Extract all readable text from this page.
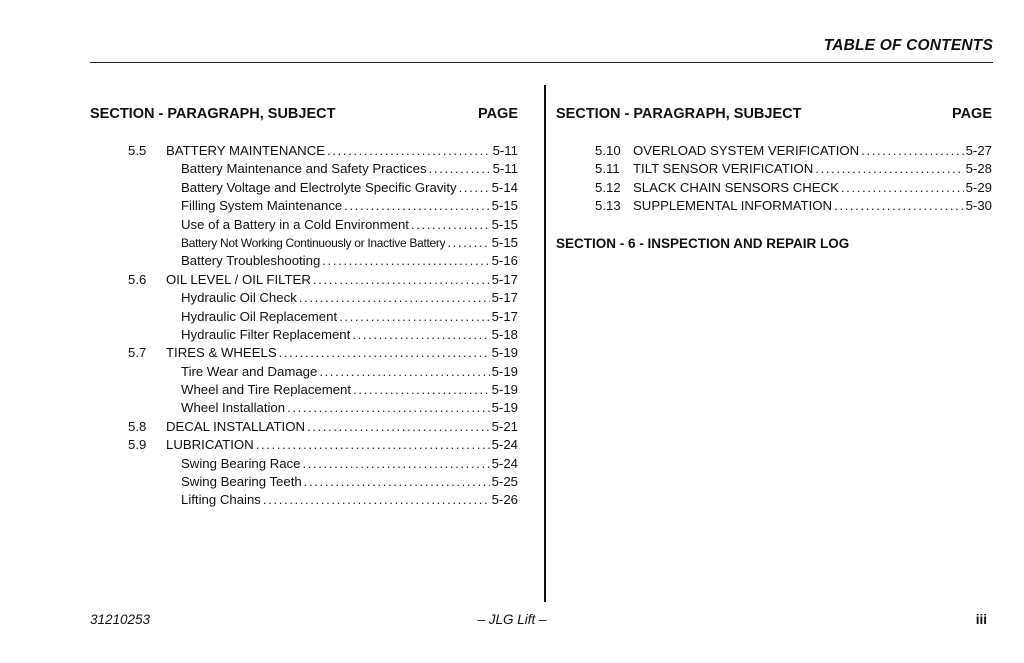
TABLE OF CONTENTS
SECTION - PARAGRAPH, SUBJECT	PAGE
5.5	BATTERY MAINTENANCE .....	5-11
Battery Maintenance and Safety Practices .....	5-11
Battery Voltage and Electrolyte Specific Gravity .....	5-14
Filling System Maintenance .....	5-15
Use of a Battery in a Cold Environment .....	5-15
Battery Not Working Continuously or Inactive Battery .....	5-15
Battery Troubleshooting .....	5-16
5.6	OIL LEVEL / OIL FILTER .....	5-17
Hydraulic Oil Check .....	5-17
Hydraulic Oil Replacement .....	5-17
Hydraulic Filter Replacement .....	5-18
5.7	TIRES & WHEELS .....	5-19
Tire Wear and Damage .....	5-19
Wheel and Tire Replacement .....	5-19
Wheel Installation .....	5-19
5.8	DECAL INSTALLATION .....	5-21
5.9	LUBRICATION .....	5-24
Swing Bearing Race .....	5-24
Swing Bearing Teeth .....	5-25
Lifting Chains .....	5-26
SECTION - PARAGRAPH, SUBJECT	PAGE
5.10 OVERLOAD SYSTEM VERIFICATION .....	5-27
5.11	TILT SENSOR VERIFICATION .....	5-28
5.12 SLACK CHAIN SENSORS CHECK .....	5-29
5.13 SUPPLEMENTAL INFORMATION .....	5-30
SECTION - 6 - INSPECTION AND REPAIR LOG
31210253	– JLG Lift –	iii
